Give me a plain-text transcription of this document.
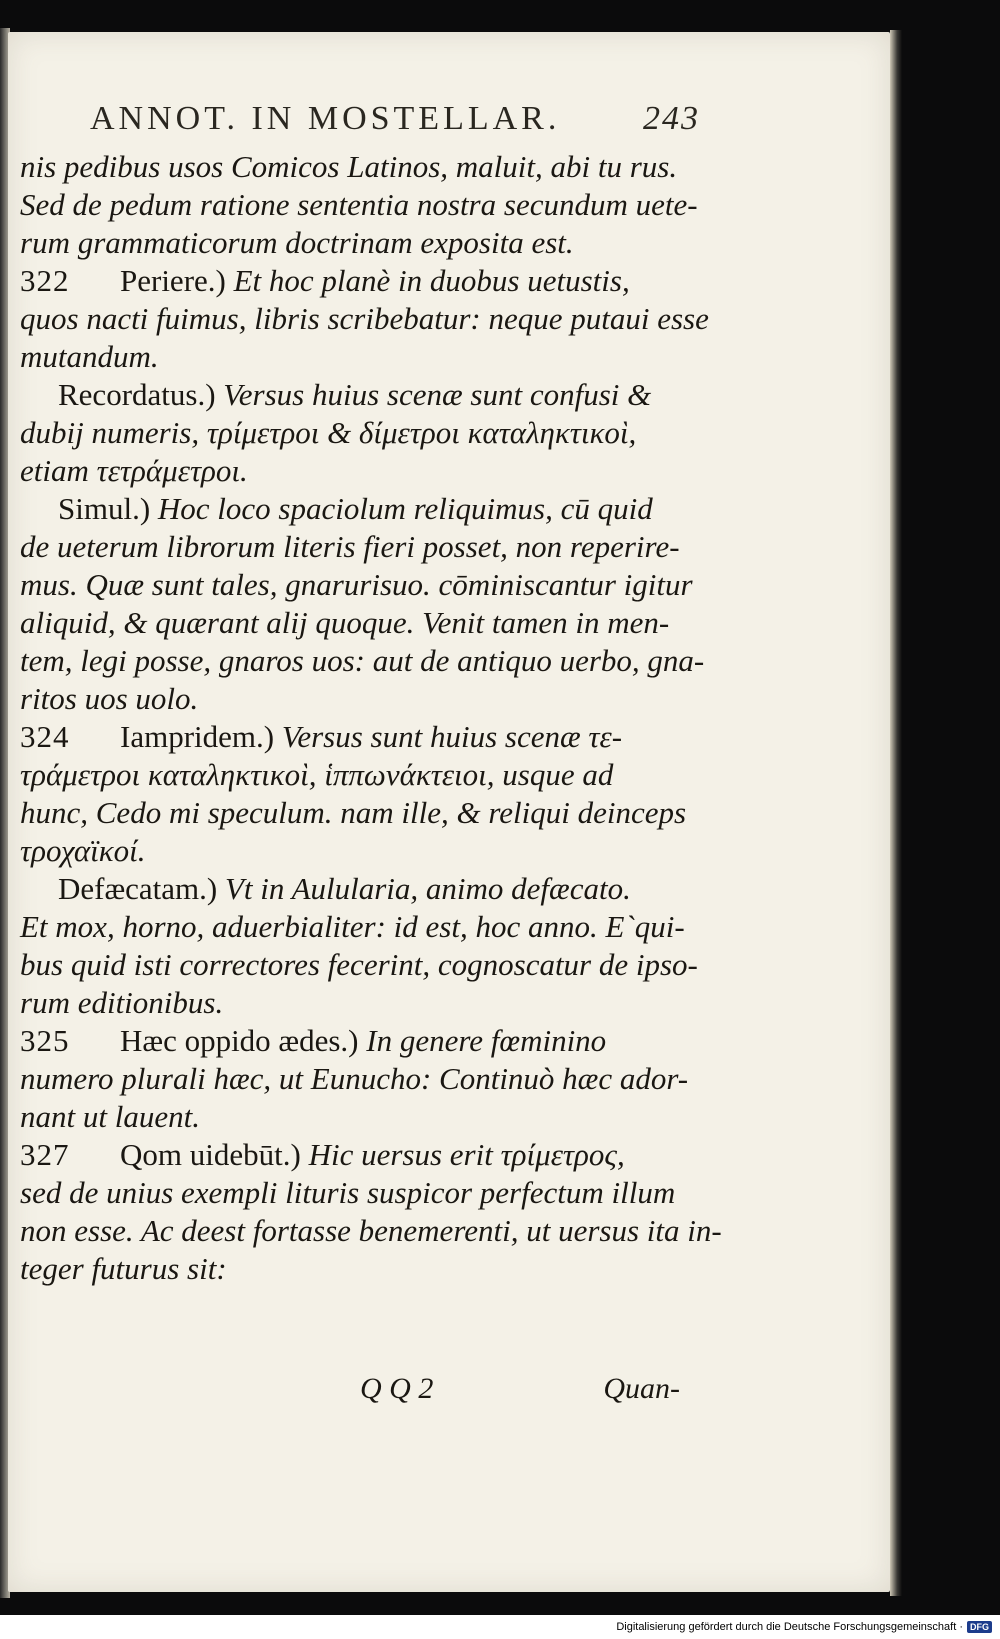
ANNOT. IN MOSTELLAR. 243
nis pedibus usos Comicos Latinos, maluit, abi tu rus.
Sed de pedum ratione sententia nostra secundum uete-
rum grammaticorum doctrinam exposita est.
322 Periere.) Et hoc planè in duobus uetustis,
quos nacti fuimus, libris scribebatur: neque putaui esse
mutandum.
Recordatus.) Versus huius scenæ sunt confusi &
dubij numeris, τρίμετροι & δίμετροι καταληκτικοὶ,
etiam τετράμετροι.
Simul.) Hoc loco spaciolum reliquimus, cū quid
de ueterum librorum literis fieri posset, non reperire-
mus. Quæ sunt tales, gnarurisuo. cōminiscantur igitur
aliquid, & quærant alij quoque. Venit tamen in men-
tem, legi posse, gnaros uos: aut de antiquo uerbo, gna-
ritos uos uolo.
324 Iampridem.) Versus sunt huius scenæ τε-
τράμετροι καταληκτικοὶ, ἱππωνάκτειοι, usque ad
hunc, Cedo mi speculum. nam ille, & reliqui deinceps
τροχαϊκοί.
Defæcatam.) Vt in Aulularia, animo defæcato.
Et mox, horno, aduerbialiter: id est, hoc anno. E`qui-
bus quid isti correctores fecerint, cognoscatur de ipso-
rum editionibus.
325 Hæc oppido ædes.) In genere fœminino
numero plurali hæc, ut Eunucho: Continuò hæc ador-
nant ut lauent.
327 Qom uidebūt.) Hic uersus erit τρίμετρος,
sed de unius exempli lituris suspicor perfectum illum
non esse. Ac deest fortasse benemerenti, ut uersus ita in-
teger futurus sit:
Q Q 2	Quan-
Digitalisierung gefördert durch die Deutsche Forschungsgemeinschaft · DFG
